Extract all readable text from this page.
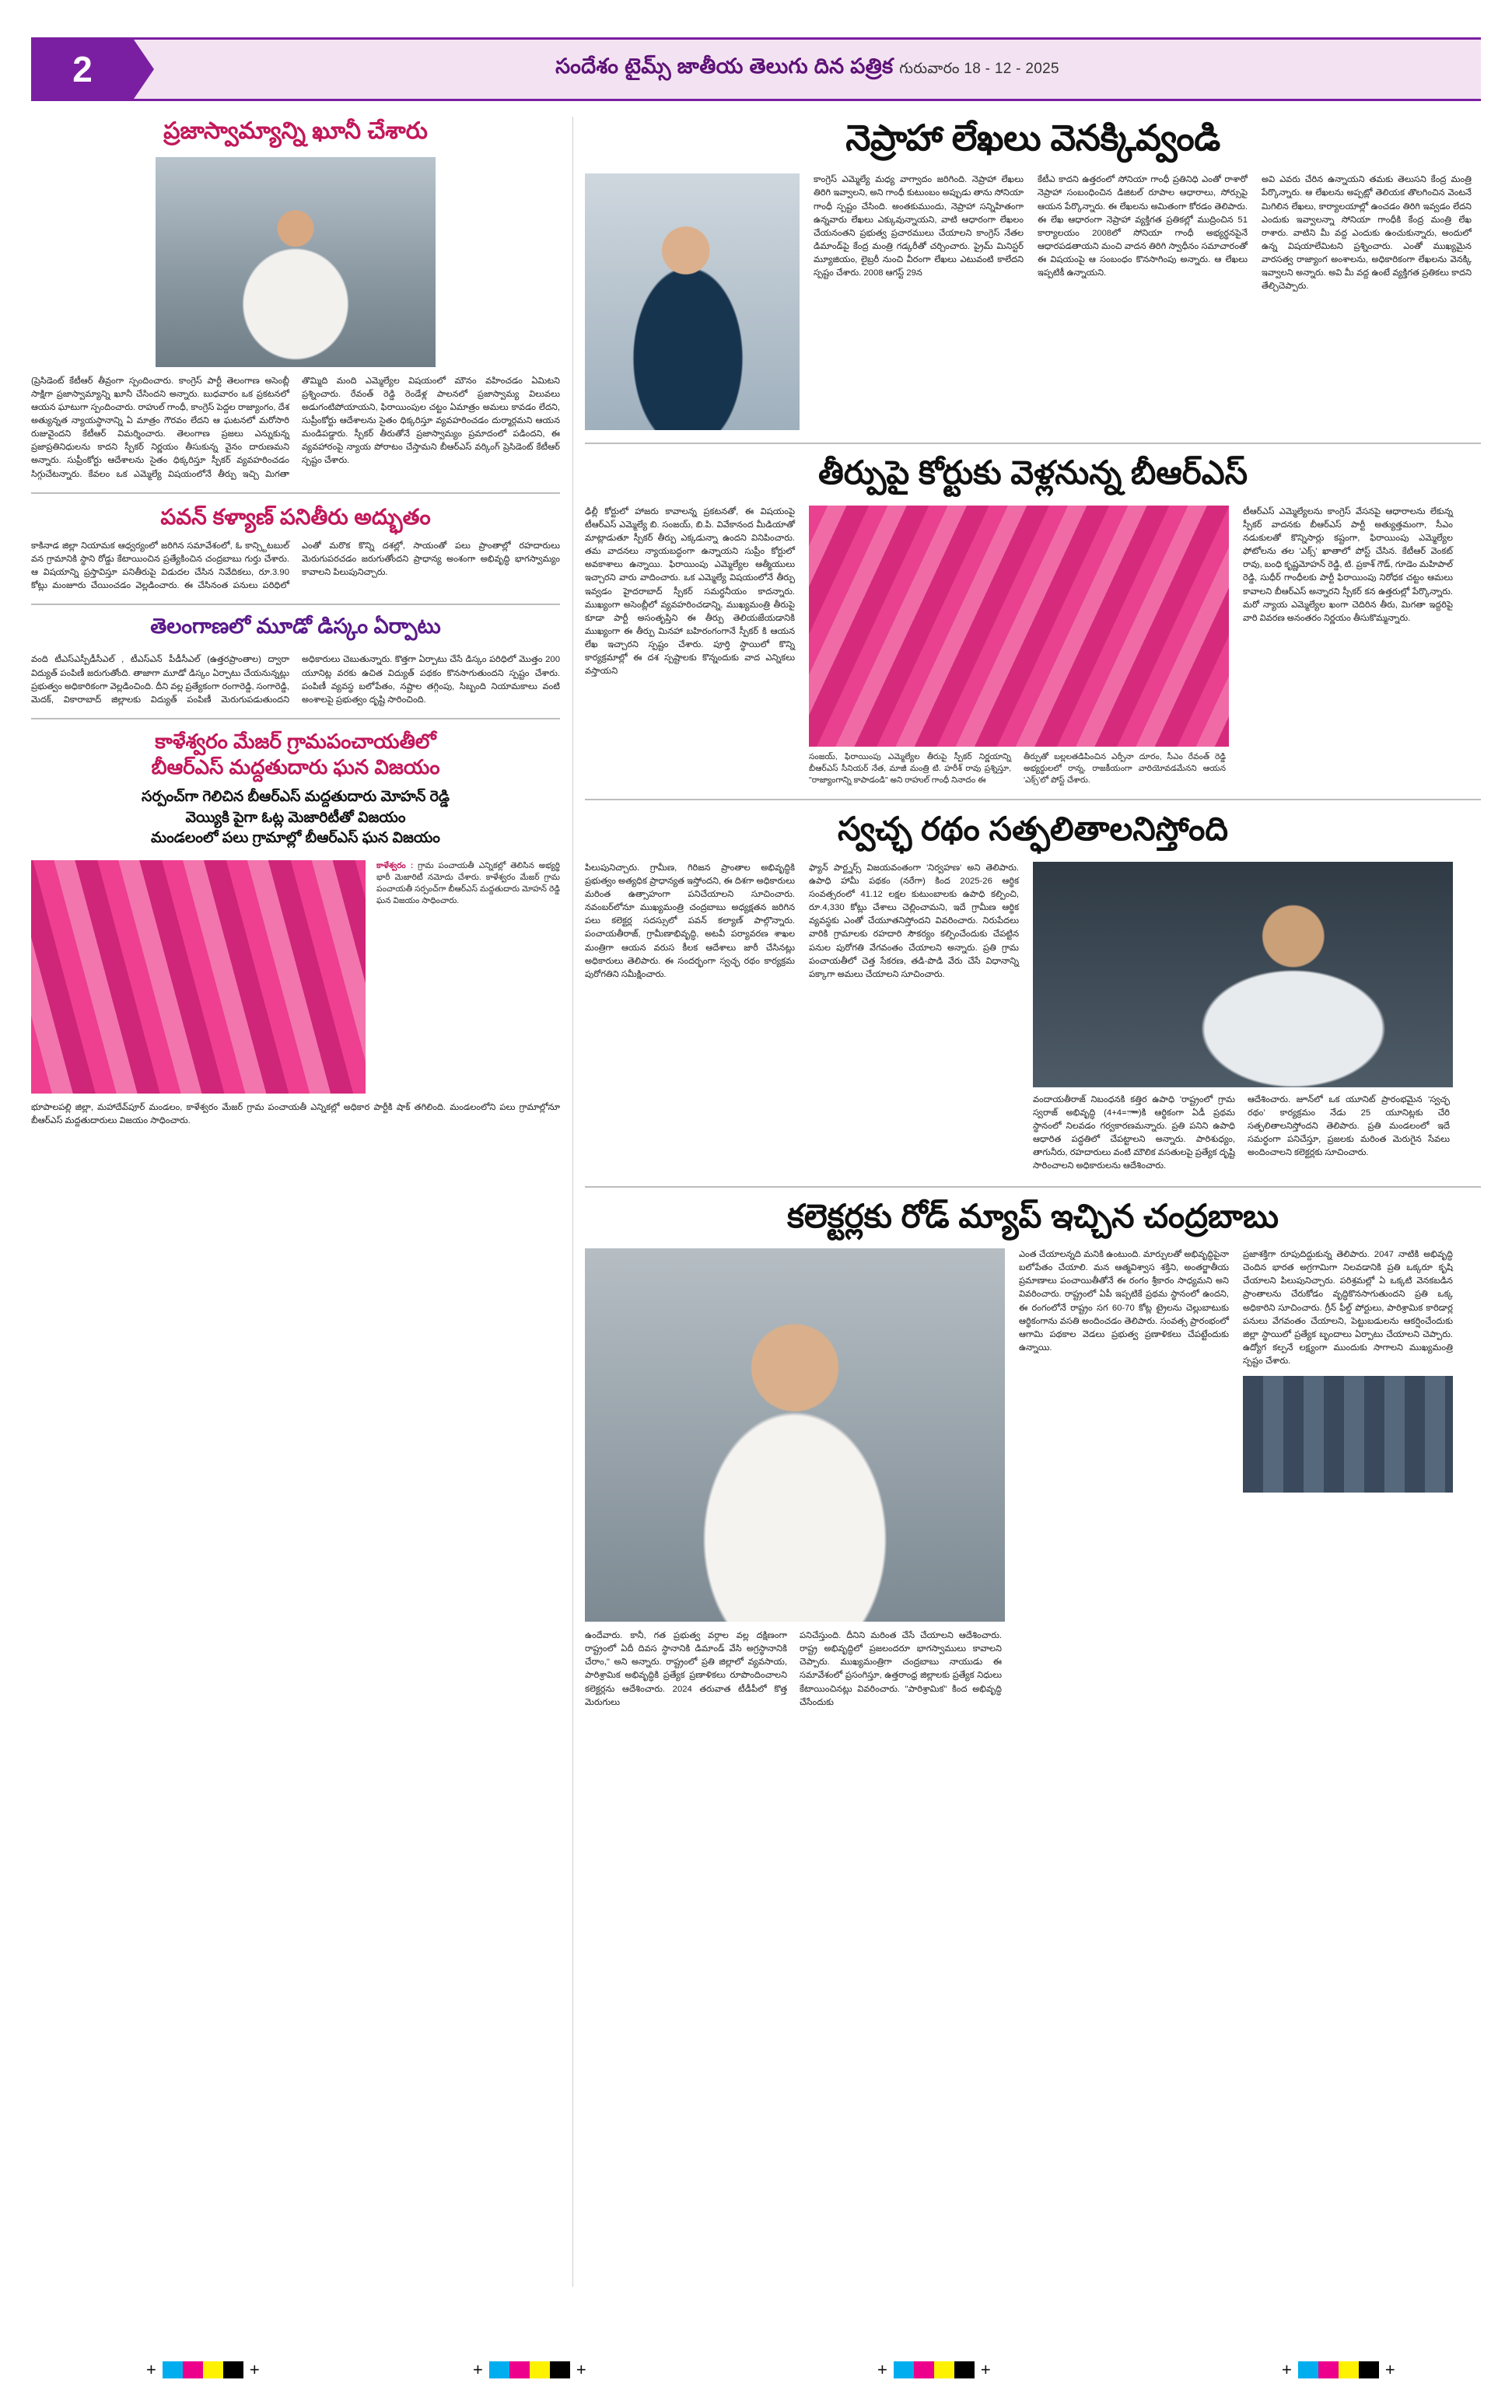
2	సందేశం టైమ్స్ జాతీయ తెలుగు దిన పత్రిక గురువారం 18 - 12 - 2025
ప్రజాస్వామ్యాన్ని ఖూనీ చేశారు
(ప్రెసిడెంట్ కేటీఆర్ తీవ్రంగా స్పందించారు. కాంగ్రెస్ పార్టీ తెలంగాణ అసెంబ్లీ సాక్షిగా ప్రజాస్వామ్యాన్ని ఖూనీ చేసిందని అన్నారు. బుధవారం ఒక ప్రకటనలో ఆయన ఘాటుగా స్పందించారు. రాహుల్ గాంధీ, కాంగ్రెస్ పెద్దల రాజ్యాంగం, దేశ అత్యున్నత న్యాయస్థానాన్ని ఏ మాత్రం గౌరవం లేదని ఆ ఘటనలో మరోసారి రుజువైందని కేటీఆర్ విమర్శించారు. తెలంగాణ ప్రజలు ఎన్నుకున్న ప్రజాప్రతినిధులను కాదని స్పీకర్ నిర్ణయం తీసుకున్న వైనం దారుణమని అన్నారు. సుప్రీంకోర్టు ఆదేశాలను సైతం ధిక్కరిస్తూ స్పీకర్ వ్యవహరించడం సిగ్గుచేటన్నారు. కేవలం ఒక ఎమ్మెల్యే విషయంలోనే తీర్పు ఇచ్చి మిగతా తొమ్మిది మంది ఎమ్మెల్యేల విషయంలో మౌనం వహించడం ఏమిటని ప్రశ్నించారు. రేవంత్ రెడ్డి రెండేళ్ల పాలనలో ప్రజాస్వామ్య విలువలు అడుగంటిపోయాయని, ఫిరాయింపుల చట్టం ఏమాత్రం అమలు కావడం లేదని, సుప్రీంకోర్టు ఆదేశాలను సైతం ధిక్కరిస్తూ వ్యవహరించడం దుర్మార్గమని ఆయన మండిపడ్డారు. స్పీకర్ తీరుతోనే ప్రజాస్వామ్యం ప్రమాదంలో పడిందని, ఈ వ్యవహారంపై న్యాయ పోరాటం చేస్తామని బీఆర్ఎస్ వర్కింగ్ ప్రెసిడెంట్ కేటీఆర్ స్పష్టం చేశారు.
పవన్ కళ్యాణ్ పనితీరు అద్భుతం
కాకినాడ జిల్లా నియామక ఆధ్వర్యంలో జరిగిన సమావేశంలో, ఓ కాన్స్టిటబుల్ వన గ్రామానికి స్థాని రోడ్డు కేటాయించిన ప్రత్యేకించిన చంద్రబాబు గుర్తు చేశారు. ఆ విషయాన్ని ప్రస్తావిస్తూ పనితీరుపై విడుదల చేసిన నివేదికలు, రూ.3.90 కోట్లు మంజూరు చేయించడం వెల్లడించారు. ఈ చేసినంత పనులు పరిధిలో ఎంతో మరొక కొన్ని దశల్లో, సాయంతో పలు ప్రాంతాల్లో రహదారులు మెరుగుపరచడం జరుగుతోందని ప్రాధాన్య అంశంగా అభివృద్ధి భాగస్వామ్యం కావాలని పిలుపునిచ్చారు.
తెలంగాణలో మూడో డిస్కం ఏర్పాటు
వంది టీఎస్ఎస్పీడీసీఎల్ , టీఎస్ఎన్ పీడీసీఎల్ (ఉత్తరప్రాంతాల) ద్వారా విద్యుత్ పంపిణీ జరుగుతోంది. తాజాగా మూడో డిస్కం ఏర్పాటు చేయనున్నట్లు ప్రభుత్వం అధికారికంగా వెల్లడించింది. దీని వల్ల ప్రత్యేకంగా రంగారెడ్డి, సంగారెడ్డి, మెదక్, వికారాబాద్ జిల్లాలకు విద్యుత్ పంపిణీ మెరుగుపడుతుందని అధికారులు చెబుతున్నారు. కొత్తగా ఏర్పాటు చేసే డిస్కం పరిధిలో మొత్తం 200 యూనిట్ల వరకు ఉచిత విద్యుత్ పథకం కొనసాగుతుందని స్పష్టం చేశారు. పంపిణీ వ్యవస్థ బలోపేతం, నష్టాల తగ్గింపు, సిబ్బంది నియామకాలు వంటి అంశాలపై ప్రభుత్వం దృష్టి సారించింది.
కాళేశ్వరం మేజర్ గ్రామపంచాయతీలో
బీఆర్ఎస్ మద్దతుదారు ఘన విజయం
సర్పంచ్‌గా గెలిచిన బీఆర్ఎస్ మద్దతుదారు మోహన్ రెడ్డి
వెయ్యికి పైగా ఓట్ల మెజారిటీతో విజయం
మండలంలో పలు గ్రామాల్లో బీఆర్ఎస్ ఘన విజయం
కాళేశ్వరం : గ్రామ పంచాయతీ ఎన్నికల్లో తెలిసిన అభ్యర్థి భారీ మెజారిటీ నమోదు చేశారు. కాళేశ్వరం మేజర్ గ్రామ పంచాయతీ సర్పంచ్‌గా బీఆర్ఎస్ మద్దతుదారు మోహన్ రెడ్డి ఘన విజయం సాధించారు.
భూపాలపల్లి జిల్లా, మహాదేవ్‌పూర్ మండలం, కాళేశ్వరం మేజర్ గ్రామ పంచాయతీ ఎన్నికల్లో అధికార పార్టీకి షాక్ తగిలింది. మండలంలోని పలు గ్రామాల్లోనూ బీఆర్ఎస్ మద్దతుదారులు విజయం సాధించారు.
నెప్రాహా లేఖలు వెనక్కివ్వండి
కాంగ్రెస్ ఎమ్మెల్యే మధ్య వాగ్వాదం జరిగింది. నెప్రాహా లేఖలు తిరిగి ఇవ్వాలని, అని గాంధీ కుటుంబం అప్పుడు తాను సోనియా గాంధీ స్పష్టం చేసింది. అంతకుముందు, నెప్రాహా సన్నిహితంగా ఉన్నవారు లేఖలు ఎక్కువున్నాయని, వాటి ఆధారంగా లేఖలం చేయనంతని ప్రభుత్వ ప్రచారములు చేయాలని కాంగ్రెస్ నేతల డిమాండ్‌పై కేంద్ర మంత్రి గడ్కరీతో చర్చించారు. ప్రైమ్ మినిస్టర్ మ్యూజియం, లైబ్రరీ నుంచి వీరంగా లేఖలు ఎటువంటి కాలేదని స్పష్టం చేశారు. 2008 ఆగస్ట్ 29న
కేటీఎ కాదని ఉత్తరంలో సోనియా గాంధీ ప్రతినిధి ఎంతో రాశారో నెప్రాహా సంబంధించిన డిజిటల్ రూపాల ఆధారాలు, సోర్సుపై ఆయన పేర్కొన్నారు. ఈ లేఖలను అమితంగా కోరడం తెలిపారు. ఈ లేఖ ఆధారంగా నెప్రాహా వ్యక్తిగత ప్రతికల్లో ముద్రించిన 51 కార్యాలయం 2008లో సోనియా గాంధీ అభ్యర్థనపైనే ఆధారపడతాయని మంచి వాదన తిరిగి స్వాధీనం సమాచారంతో ఈ విషయంపై ఆ సంబంధం కొనసాగింపు అన్నారు. ఆ లేఖలు ఇప్పటికీ ఉన్నాయని.
అవి ఎవరు చేరిన ఉన్నాయని తమకు తెలుసని కేంద్ర మంత్రి పేర్కొన్నారు. ఆ లేఖలను అప్పట్లో తెలియక తొలగించిన వెంటనే మిగిలిన లేఖలు, కార్యాలయాల్లో ఉంచడం తిరిగి ఇవ్వడం లేదని ఎందుకు ఇవ్వాలన్నా సోనియా గాంధీకి కేంద్ర మంత్రి లేఖ రాశారు. వాటిని మీ వద్ద ఎందుకు ఉంచుకున్నారు, అందులో ఉన్న విషయాలేమిటని ప్రశ్నించారు. ఎంతో ముఖ్యమైన వారసత్వ రాజ్యాంగ అంశాలను, అధికారికంగా లేఖలను వెనక్కి ఇవ్వాలని అన్నారు. అవి మీ వద్ద ఉంటే వ్యక్తిగత ప్రతికలు కాదని తేల్చిచెప్పారు.
తీర్పుపై కోర్టుకు వెళ్లనున్న బీఆర్ఎస్
ఢిల్లీ కోర్టులో హాజరు కావాలన్న ప్రకటనతో, ఈ విషయంపై టీఆర్ఎస్ ఎమ్మెల్యే బి. సంజయ్, బి.పి. వివేకానంద మీడియాతో మాట్లాడుతూ స్పీకర్ తీర్పు ఎక్కడున్నా ఉందని వినిపించారు. తమ వాదనలు న్యాయబద్ధంగా ఉన్నాయని సుప్రీం కోర్టులో అవకాశాలు ఉన్నాయి. ఫిరాయింపు ఎమ్మెల్యేల ఆత్మీయులు ఇచ్చారని వారు వాదించారు. ఒక ఎమ్మెల్యే విషయంలోనే తీర్పు ఇవ్వడం హైదరాబాద్ స్పీకర్ సమర్థనీయం కాదన్నారు. ముఖ్యంగా అసెంబ్లీలో వ్యవహరించడాన్ని, ముఖ్యమంత్రి తీరుపై కూడా పార్టీ అసంతృప్తిని ఈ తీర్పు తెలియజేయడానికి ముఖ్యంగా ఈ తీర్పు మినహా బహిరంగంగానే స్పీకర్ కి ఆయన లేఖ ఇచ్చారని స్పష్టం చేశారు. పూర్తి స్థాయిలో కొన్ని కార్యక్రమాల్లో ఈ దశ స్పష్టాలకు కొన్నందుకు వాద ఎన్నికలు వస్తాయని
సంజయ్, ఫిరాయింపు ఎమ్మెల్యేల తీరుపై స్పీకర్ నిర్ణయాన్ని బీఆర్ఎస్ సీనియర్ నేత, మాజీ మంత్రి టి. హరీశ్ రావు ప్రశ్నిస్తూ, "రాజ్యాంగాన్ని కాపాడండి" అని రాహుల్ గాంధీ నినాదం ఈ
తీర్పుతో బల్లలతడిపించిన ఎర్పీనా దూరం, సీఎం రేవంత్ రెడ్డి అభ్యర్థులలో రాన్న, రాజకీయంగా వారియోవడమేనని ఆయన 'ఎక్స్'లో పోస్ట్ చేశారు.
టీఆర్ఎస్ ఎమ్మెల్యేలను కాంగ్రెస్ వేసనపై ఆధారాలను లేకున్న స్పీకర్ వాదనకు బీఆర్ఎస్ పార్టీ అత్యుత్తమంగా, సీఎం నడుకులతో కొన్నిసార్లు కష్టంగా, ఫిరాయింపు ఎమ్మెల్యేల ఫోటోలను తల 'ఎక్స్' ఖాతాలో పోస్ట్ చేసిన. కేటీఆర్ వెంకట్ రావు, బంధి కృష్ణమోహన్ రెడ్డి, టి. ప్రకాశ్ గౌడ్, గూడెం మహిపాల్ రెడ్డి, సుధీర్ గాంధీలకు పార్టీ ఫిరాయింపు నిరోధక చట్టం ఆమలు కావాలని బీఆర్ఎస్ అన్నారని స్పీకర్ కన ఉత్తరుల్లో పేర్కొన్నారు. మరో న్యాయ ఎమ్మెల్యేల ఖంగా చెదిరిన తీరు, మిగతా ఇద్దరిపై వారి వివరణ అనంతరం నిర్ణయం తీసుకొమ్మన్నారు.
స్వచ్ఛ రథం సత్ఫలితాలనిస్తోంది
పిలుపునిచ్చారు. గ్రామీణ, గిరిజన ప్రాంతాల అభివృద్ధికి ప్రభుత్వం అత్యధిక ప్రాధాన్యత ఇస్తోందని, ఈ దిశగా అధికారులు మరింత ఉత్సాహంగా పనిచేయాలని సూచించారు. నవంబర్‌లోనూ ముఖ్యమంత్రి చంద్రబాబు అధ్యక్షతన జరిగిన పలు కలెక్టర్ల సదస్సులో పవన్ కల్యాణ్ పాల్గొన్నారు. పంచాయతీరాజ్, గ్రామీణాభివృద్ధి, అటవీ పర్యావరణ శాఖల మంత్రిగా ఆయన వరుస కీలక ఆదేశాలు జారీ చేసినట్లు అధికారులు తెలిపారు. ఈ సందర్భంగా స్వచ్ఛ రథం కార్యక్రమ పురోగతిని సమీక్షించారు.
ఫ్యాన్ పార్ట్నర్స్ విజయవంతంగా 'నిర్వహణ' అని తెలిపారు. ఉపాధి హామీ పథకం (నరేగా) కింద 2025-26 ఆర్థిక సంవత్సరంలో 41.12 లక్షల కుటుంబాలకు ఉపాధి కల్పించి, రూ.4,330 కోట్లు చేశాలు చెల్లించామని, ఇదే గ్రామీణ ఆర్థిక వ్యవస్థకు ఎంతో చేయూతనిస్తోందని వివరించారు. నిరుపేదలు వారికి గ్రామాలకు రహదారి సౌకర్యం కల్పించేందుకు చేపట్టిన పనుల పురోగతి వేగవంతం చేయాలని అన్నారు. ప్రతి గ్రామ పంచాయతీలో చెత్త సేకరణ, తడి-పొడి వేరు చేసే విధానాన్ని పక్కాగా అమలు చేయాలని సూచించారు.
వందాయతీరాజ్ నిబంధనకి కత్తిర ఉపాధి 'రాష్ట్రంలో గ్రామ స్వరాజ్ అభివృద్ధి (4+4=ాాా)కి ఆర్థికంగా ఏడీ ప్రథమ స్థానంలో నిలవడం గర్వకారణమన్నారు. ప్రతి పనిని ఉపాధి ఆధారిత పద్ధతిలో చేపట్టాలని అన్నారు. పారిశుధ్యం, తాగునీరు, రహదారులు వంటి మౌలిక వసతులపై ప్రత్యేక దృష్టి సారించాలని అధికారులను ఆదేశించారు.
ఆదేశించారు. జూన్‌లో ఒక యూనిట్ ప్రారంభమైన 'స్వచ్ఛ రథం' కార్యక్రమం నేడు 25 యూనిట్లకు చేరి సత్ఫలితాలనిస్తోందని తెలిపారు. ప్రతి మండలంలో ఇదే సమర్థంగా పనిచేస్తూ, ప్రజలకు మరింత మెరుగైన సేవలు అందించాలని కలెక్టర్లకు సూచించారు.
కలెక్టర్లకు రోడ్ మ్యాప్ ఇచ్చిన చంద్రబాబు
ఉందేవారు. కానీ, గత ప్రభుత్వ వర్గాల వల్ల దక్షిణంగా రాష్ట్రంలో ఏదీ దివస స్థానానికి డిమాండ్ వేసి అగ్రస్థానానికి చేరాం," అని అన్నారు. రాష్ట్రంలో ప్రతి జిల్లాలో వ్యవసాయ, పారిశ్రామిక అభివృద్ధికి ప్రత్యేక ప్రణాళికలు రూపొందించాలని కలెక్టర్లను ఆదేశించారు. 2024 తరువాత టీడీపీలో కొత్త మెరుగులు
పనిచేస్తుంది. దీనిని మరింత చేసే చేయాలని ఆదేశించారు. రాష్ట్ర అభివృద్ధిలో ప్రజలందరూ భాగస్వాములు కావాలని చెప్పారు. ముఖ్యమంత్రిగా చంద్రబాబు నాయుడు ఈ సమావేశంలో ప్రసంగిస్తూ, ఉత్తరాంధ్ర జిల్లాలకు ప్రత్యేక నిధులు కేటాయించినట్లు వివరించారు. "పారిశ్రామిక" కింద అభివృద్ధి చేసేందుకు
ఎంత చేయాలన్నది మనికి ఉంటుంది. మార్పులతో అభివృద్ధిపైనా బలోపేతం చేయాలి. మన ఆత్మవిశ్వాస శక్తిని, అంతర్జాతీయ ప్రమాణాలు పంచాయితీతోనే ఈ రంగం శ్రీకారం సాధ్యమని అని వివరించారు. రాష్ట్రంలో ఏపీ ఇప్పటికే ప్రథమ స్థానంలో ఉందని, ఈ రంగంలోనే రాష్ట్రం సగ 60-70 కోట్ల ట్రైలను చెల్లుబాటుకు ఆర్థికంగాను వసతి అందించడం తెలిపారు. సంవత్స ప్రారంభంలో ఆగామి పథకాల వెడలు ప్రభుత్వ ప్రణాళికలు చేపట్టేందుకు ఉన్నాయి.
ప్రజాశక్తిగా రూపుదిద్దుకున్న తెలిపారు. 2047 నాటికి అభివృద్ధి చెందిన భారత అగ్రగామిగా నిలవడానికి ప్రతి ఒక్కరూ కృషి చేయాలని పిలుపునిచ్చారు. పరిశ్రమల్లో ఏ ఒక్కటి వెనకబడిన ప్రాంతాలను చేరుకోడం వృద్ధికొనసాగుతుందని ప్రతి ఒక్క అధికారిని సూచించారు. గ్రీన్ ఫీల్డ్ పోర్టులు, పారిశ్రామిక కారిడార్ల పనులు వేగవంతం చేయాలని, పెట్టుబడులను ఆకర్షించేందుకు జిల్లా స్థాయిలో ప్రత్యేక బృందాలు ఏర్పాటు చేయాలని చెప్పారు. ఉద్యోగ కల్పనే లక్ష్యంగా ముందుకు సాగాలని ముఖ్యమంత్రి స్పష్టం చేశారు.
+	+	+	+	+	+	+	+
